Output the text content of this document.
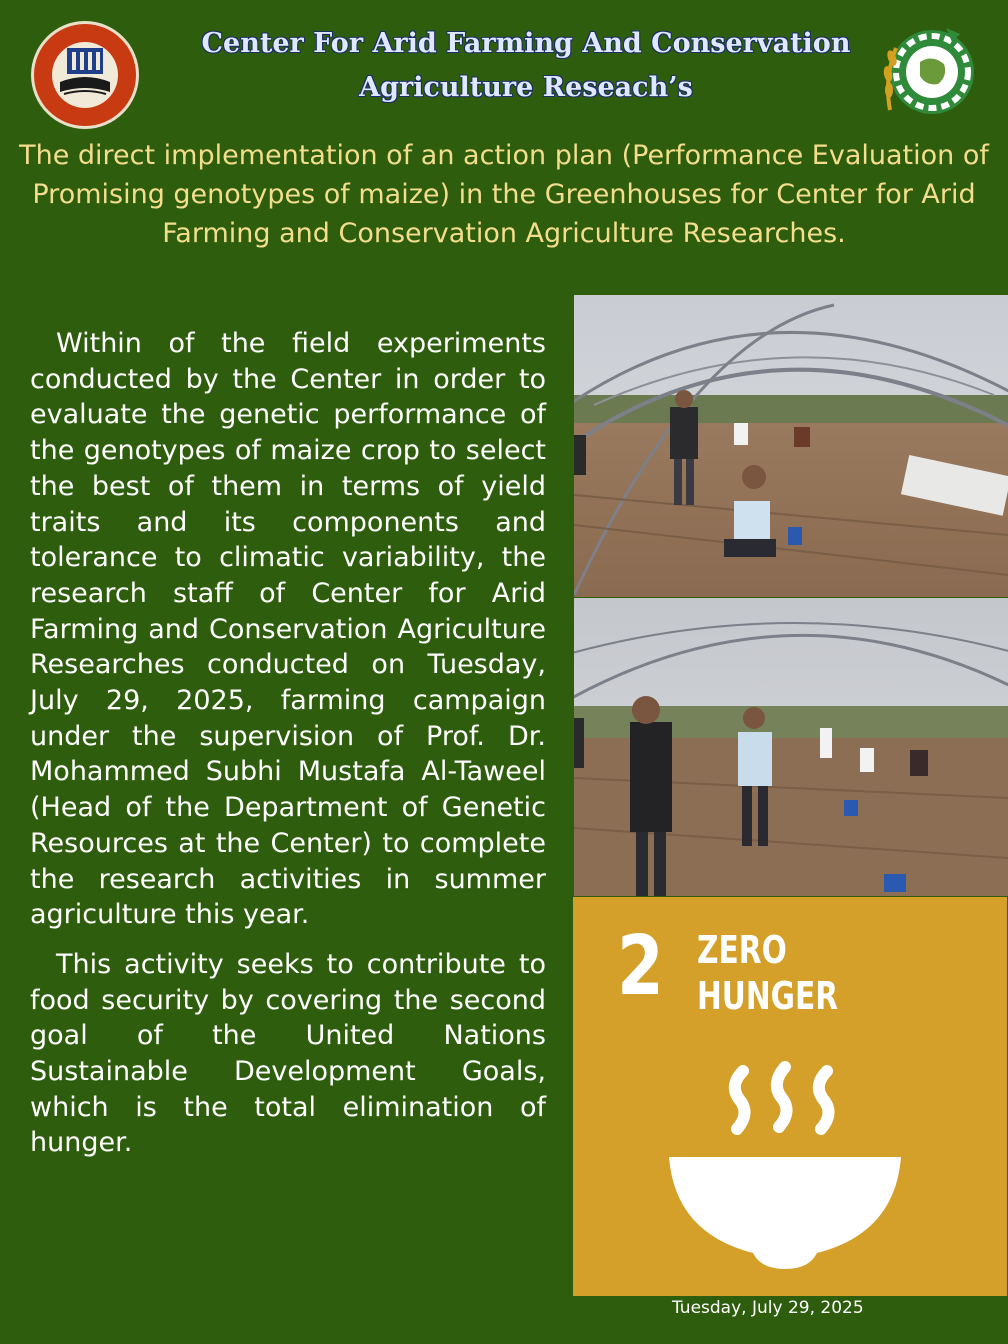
Center For Arid Farming And Conservation
Agriculture Reseach’s
The direct implementation of an action plan (Performance Evaluation of Promising genotypes of maize) in the Greenhouses for Center for Arid Farming and Conservation Agriculture Researches.

Within of the field experiments conducted by the Center in order to evaluate the genetic performance of the genotypes of maize crop to select the best of them in terms of yield traits and its components and tolerance to climatic variability, the research staff of Center for Arid Farming and Conservation Agriculture Researches conducted on Tuesday, July 29, 2025, farming campaign under the supervision of Prof. Dr. Mohammed Subhi Mustafa Al-Taweel (Head of the Department of Genetic Resources at the Center) to complete the research activities in summer agriculture this year.

This activity seeks to contribute to food security by covering the second goal of the United Nations Sustainable Development Goals, which is the total elimination of hunger.

2 ZERO
HUNGER
Tuesday, July 29, 2025
